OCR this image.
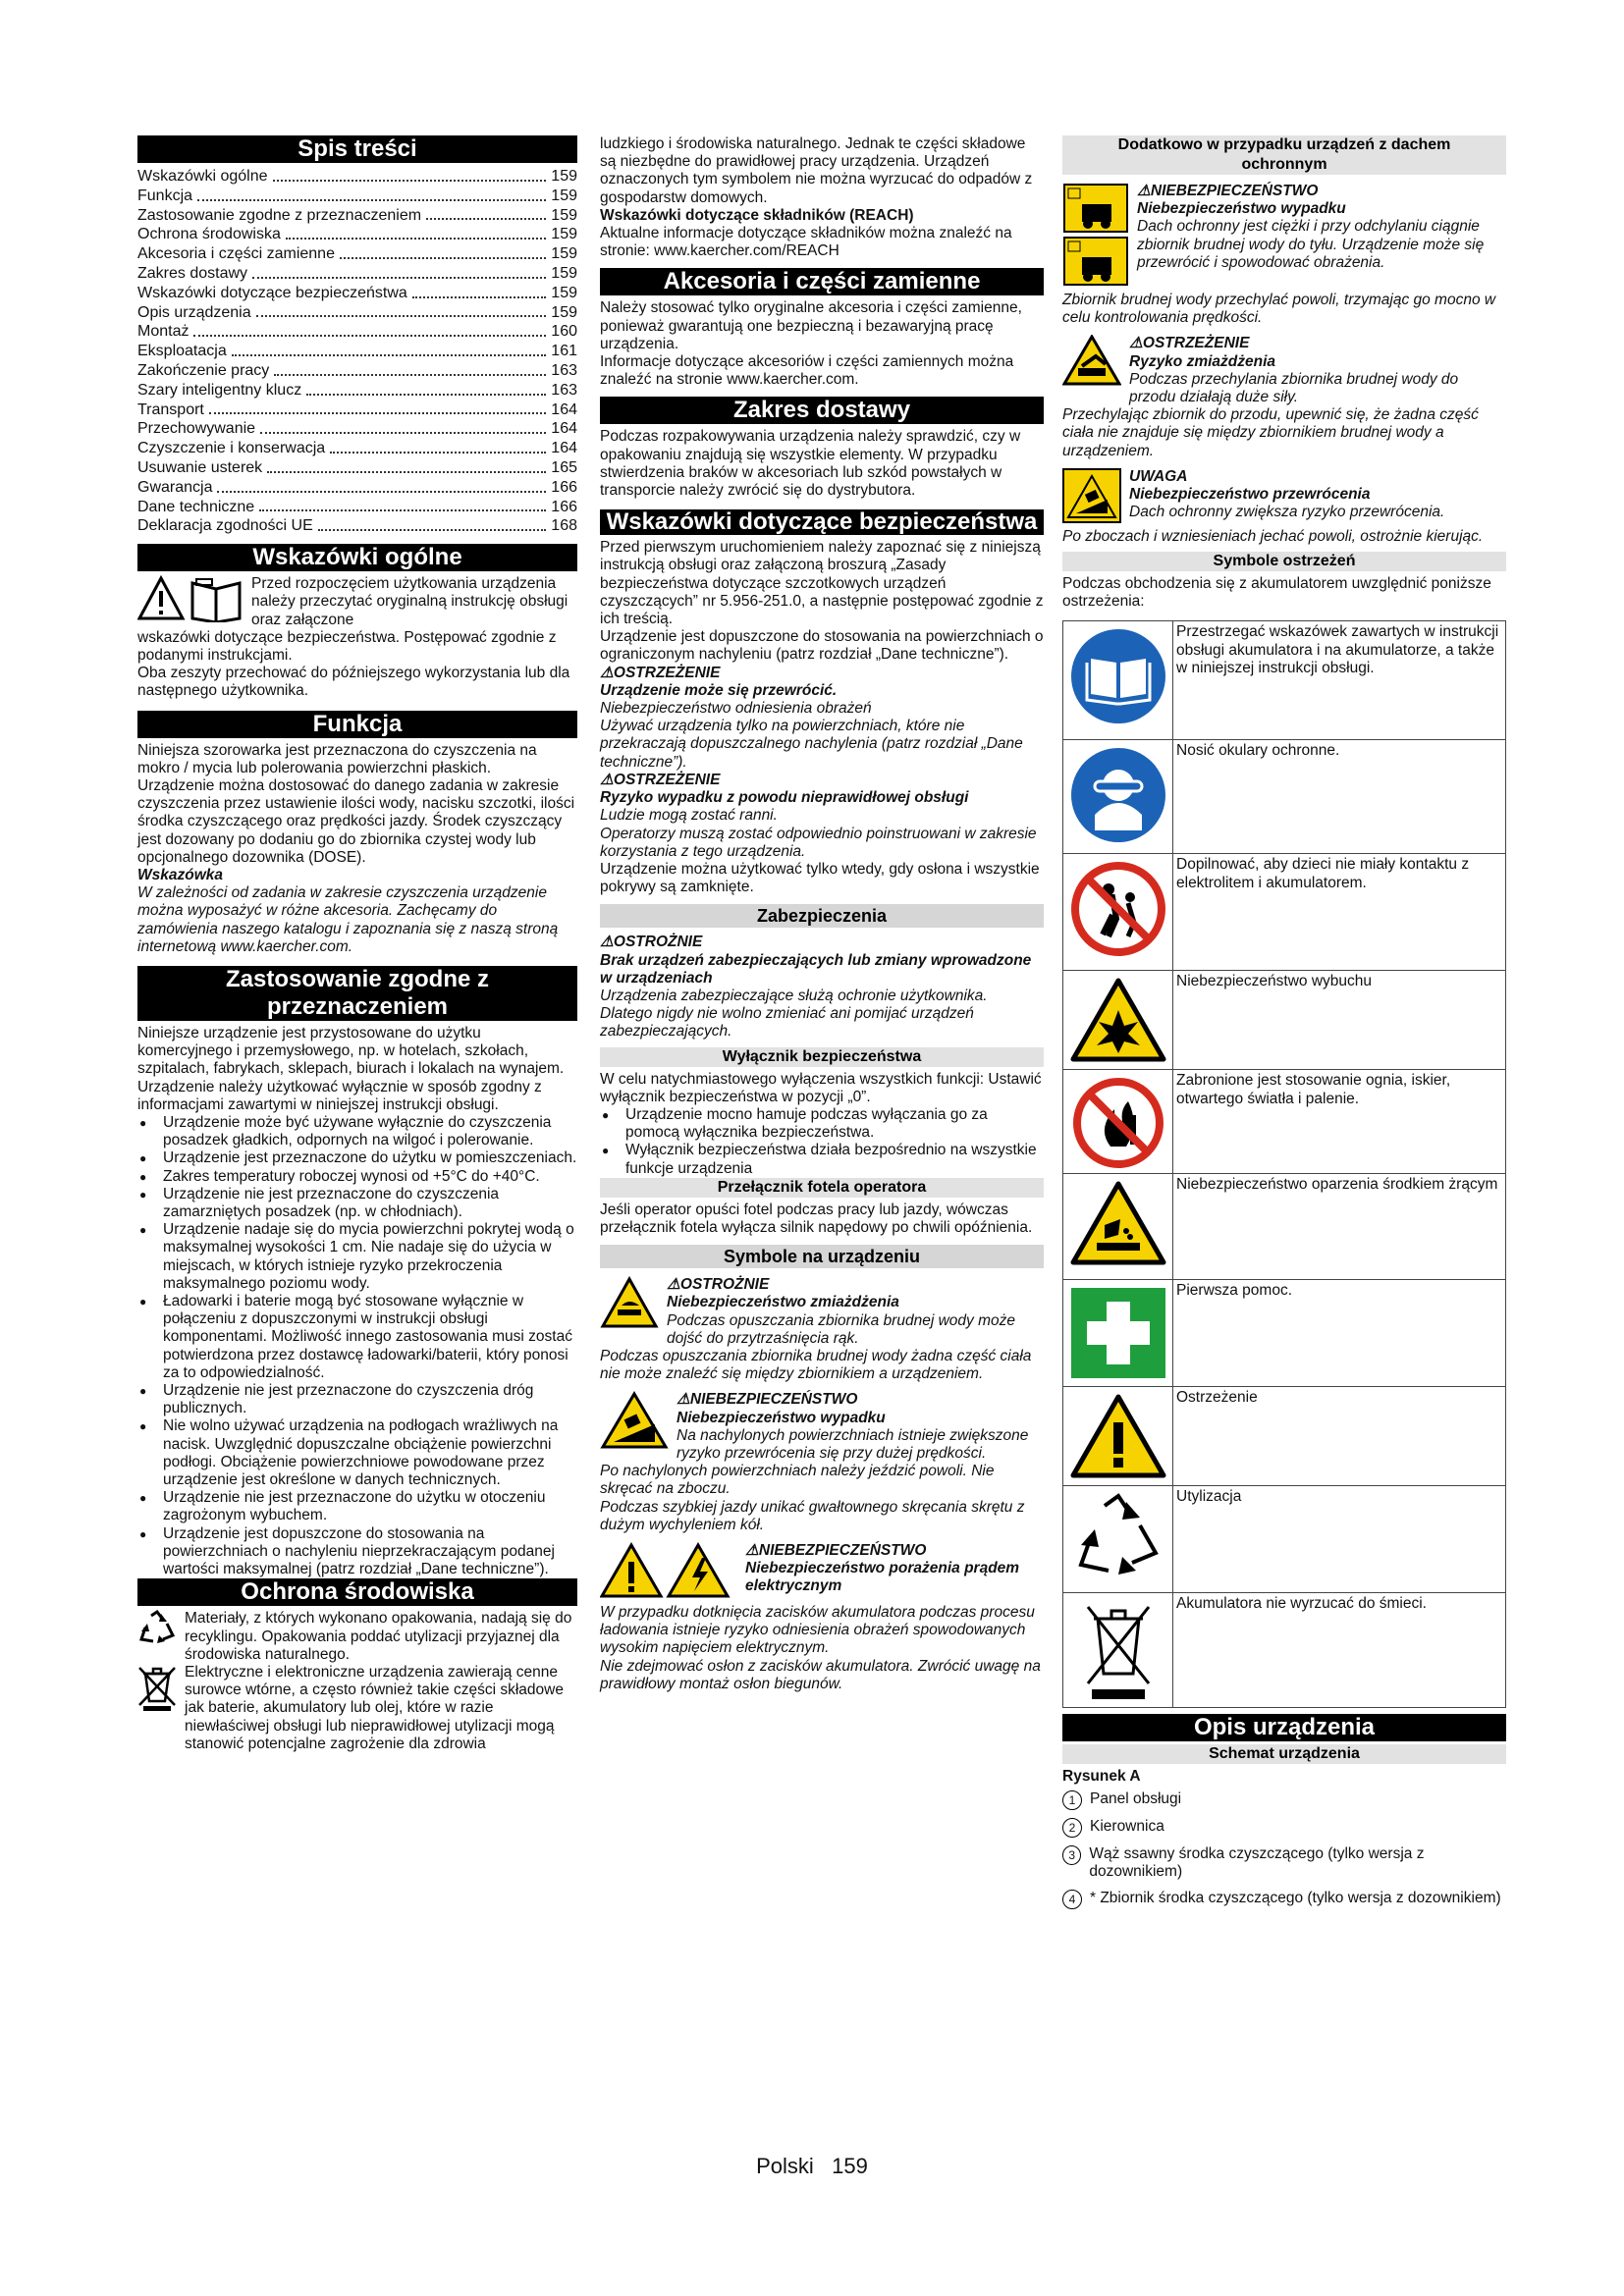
Spis treści
Wskazówki ogólne	159
Funkcja	159
Zastosowanie zgodne z przeznaczeniem	159
Ochrona środowiska	159
Akcesoria i części zamienne	159
Zakres dostawy	159
Wskazówki dotyczące bezpieczeństwa	159
Opis urządzenia	159
Montaż	160
Eksploatacja	161
Zakończenie pracy	163
Szary inteligentny klucz	163
Transport	164
Przechowywanie	164
Czyszczenie i konserwacja	164
Usuwanie usterek	165
Gwarancja	166
Dane techniczne	166
Deklaracja zgodności UE	168
Wskazówki ogólne

Przed rozpoczęciem użytkowania urządzenia należy przeczytać oryginalną instrukcję obsługi oraz załączone

wskazówki dotyczące bezpieczeństwa. Postępować zgodnie z podanymi instrukcjami.

Oba zeszyty przechować do późniejszego wykorzystania lub dla następnego użytkownika.

Funkcja

Niniejsza szorowarka jest przeznaczona do czyszczenia na mokro / mycia lub polerowania powierzchni płaskich.

Urządzenie można dostosować do danego zadania w zakresie czyszczenia przez ustawienie ilości wody, nacisku szczotki, ilości środka czyszczącego oraz prędkości jazdy. Środek czyszczący jest dozowany po dodaniu go do zbiornika czystej wody lub opcjonalnego dozownika (DOSE).

Wskazówka

W zależności od zadania w zakresie czyszczenia urządzenie można wyposażyć w różne akcesoria. Zachęcamy do zamówienia naszego katalogu i zapoznania się z naszą stroną internetową www.kaercher.com.

Zastosowanie zgodne z przeznaczeniem

Niniejsze urządzenie jest przystosowane do użytku komercyjnego i przemysłowego, np. w hotelach, szkołach, szpitalach, fabrykach, sklepach, biurach i lokalach na wynajem. Urządzenie należy użytkować wyłącznie w sposób zgodny z informacjami zawartymi w niniejszej instrukcji obsługi.

● Urządzenie może być używane wyłącznie do czyszczenia posadzek gładkich, odpornych na wilgoć i polerowanie.
● Urządzenie jest przeznaczone do użytku w pomieszczeniach.
● Zakres temperatury roboczej wynosi od +5°C do +40°C.
● Urządzenie nie jest przeznaczone do czyszczenia zamarzniętych posadzek (np. w chłodniach).
● Urządzenie nadaje się do mycia powierzchni pokrytej wodą o maksymalnej wysokości 1 cm. Nie nadaje się do użycia w miejscach, w których istnieje ryzyko przekroczenia maksymalnego poziomu wody.
● Ładowarki i baterie mogą być stosowane wyłącznie w połączeniu z dopuszczonymi w instrukcji obsługi komponentami. Możliwość innego zastosowania musi zostać potwierdzona przez dostawcę ładowarki/baterii, który ponosi za to odpowiedzialność.
● Urządzenie nie jest przeznaczone do czyszczenia dróg publicznych.
● Nie wolno używać urządzenia na podłogach wrażliwych na nacisk. Uwzględnić dopuszczalne obciążenie powierzchni podłogi. Obciążenie powierzchniowe powodowane przez urządzenie jest określone w danych technicznych.
● Urządzenie nie jest przeznaczone do użytku w otoczeniu zagrożonym wybuchem.
● Urządzenie jest dopuszczone do stosowania na powierzchniach o nachyleniu nieprzekraczającym podanej wartości maksymalnej (patrz rozdział „Dane techniczne”).
Ochrona środowiska

Materiały, z których wykonano opakowania, nadają się do recyklingu. Opakowania poddać utylizacji przyjaznej dla środowiska naturalnego.

Elektryczne i elektroniczne urządzenia zawierają cenne surowce wtórne, a często również takie części składowe jak baterie, akumulatory lub olej, które w razie niewłaściwej obsługi lub nieprawidłowej utylizacji mogą stanowić potencjalne zagrożenie dla zdrowia

ludzkiego i środowiska naturalnego. Jednak te części składowe są niezbędne do prawidłowej pracy urządzenia. Urządzeń oznaczonych tym symbolem nie można wyrzucać do odpadów z gospodarstw domowych.

Wskazówki dotyczące składników (REACH)

Aktualne informacje dotyczące składników można znaleźć na stronie: www.kaercher.com/REACH

Akcesoria i części zamienne

Należy stosować tylko oryginalne akcesoria i części zamienne, ponieważ gwarantują one bezpieczną i bezawaryjną pracę urządzenia.

Informacje dotyczące akcesoriów i części zamiennych można znaleźć na stronie www.kaercher.com.

Zakres dostawy

Podczas rozpakowywania urządzenia należy sprawdzić, czy w opakowaniu znajdują się wszystkie elementy. W przypadku stwierdzenia braków w akcesoriach lub szkód powstałych w transporcie należy zwrócić się do dystrybutora.

Wskazówki dotyczące bezpieczeństwa

Przed pierwszym uruchomieniem należy zapoznać się z niniejszą instrukcją obsługi oraz załączoną broszurą „Zasady bezpieczeństwa dotyczące szczotkowych urządzeń czyszczących” nr 5.956-251.0, a następnie postępować zgodnie z ich treścią.

Urządzenie jest dopuszczone do stosowania na powierzchniach o ograniczonym nachyleniu (patrz rozdział „Dane techniczne”).

⚠OSTRZEŻENIE

Urządzenie może się przewrócić.

Niebezpieczeństwo odniesienia obrażeń

Używać urządzenia tylko na powierzchniach, które nie przekraczają dopuszczalnego nachylenia (patrz rozdział „Dane techniczne”).

⚠OSTRZEŻENIE

Ryzyko wypadku z powodu nieprawidłowej obsługi

Ludzie mogą zostać ranni.

Operatorzy muszą zostać odpowiednio poinstruowani w zakresie korzystania z tego urządzenia.

Urządzenie można użytkować tylko wtedy, gdy osłona i wszystkie pokrywy są zamknięte.

Zabezpieczenia

⚠OSTROŻNIE

Brak urządzeń zabezpieczających lub zmiany wprowadzone w urządzeniach

Urządzenia zabezpieczające służą ochronie użytkownika.

Dlatego nigdy nie wolno zmieniać ani pomijać urządzeń zabezpieczających.

Wyłącznik bezpieczeństwa

W celu natychmiastowego wyłączenia wszystkich funkcji: Ustawić wyłącznik bezpieczeństwa w pozycji „0”.

● Urządzenie mocno hamuje podczas wyłączania go za pomocą wyłącznika bezpieczeństwa.
● Wyłącznik bezpieczeństwa działa bezpośrednio na wszystkie funkcje urządzenia
Przełącznik fotela operatora

Jeśli operator opuści fotel podczas pracy lub jazdy, wówczas przełącznik fotela wyłącza silnik napędowy po chwili opóźnienia.

Symbole na urządzeniu

⚠OSTROŻNIE

Niebezpieczeństwo zmiażdżenia

Podczas opuszczania zbiornika brudnej wody może dojść do przytrzaśnięcia rąk.

Podczas opuszczania zbiornika brudnej wody żadna część ciała nie może znaleźć się między zbiornikiem a urządzeniem.

⚠NIEBEZPIECZEŃSTWO

Niebezpieczeństwo wypadku

Na nachylonych powierzchniach istnieje zwiększone ryzyko przewrócenia się przy dużej prędkości.

Po nachylonych powierzchniach należy jeździć powoli. Nie skręcać na zboczu.

Podczas szybkiej jazdy unikać gwałtownego skręcania skrętu z dużym wychyleniem kół.

⚠NIEBEZPIECZEŃSTWO

Niebezpieczeństwo porażenia prądem elektrycznym

W przypadku dotknięcia zacisków akumulatora podczas procesu ładowania istnieje ryzyko odniesienia obrażeń spowodowanych wysokim napięciem elektrycznym.

Nie zdejmować osłon z zacisków akumulatora. Zwrócić uwagę na prawidłowy montaż osłon biegunów.

Dodatkowo w przypadku urządzeń z dachem ochronnym

⚠NIEBEZPIECZEŃSTWO

Niebezpieczeństwo wypadku

Dach ochronny jest ciężki i przy odchylaniu ciągnie zbiornik brudnej wody do tyłu. Urządzenie może się przewrócić i spowodować obrażenia.

Zbiornik brudnej wody przechylać powoli, trzymając go mocno w celu kontrolowania prędkości.

⚠OSTRZEŻENIE

Ryzyko zmiażdżenia

Podczas przechylania zbiornika brudnej wody do przodu działają duże siły.

Przechylając zbiornik do przodu, upewnić się, że żadna część ciała nie znajduje się między zbiornikiem brudnej wody a urządzeniem.

UWAGA

Niebezpieczeństwo przewrócenia

Dach ochronny zwiększa ryzyko przewrócenia.

Po zboczach i wzniesieniach jechać powoli, ostrożnie kierując.

Symbole ostrzeżeń

Podczas obchodzenia się z akumulatorem uwzględnić poniższe ostrzeżenia:

Przestrzegać wskazówek zawartych w instrukcji obsługi akumulatora i na akumulatorze, a także w niniejszej instrukcji obsługi.
Nosić okulary ochronne.
Dopilnować, aby dzieci nie miały kontaktu z elektrolitem i akumulatorem.
Niebezpieczeństwo wybuchu
Zabronione jest stosowanie ognia, iskier, otwartego światła i palenie.
Niebezpieczeństwo oparzenia środkiem żrącym
Pierwsza pomoc.
Ostrzeżenie
Utylizacja
Akumulatora nie wyrzucać do śmieci.
Opis urządzenia
Schemat urządzenia

Rysunek A

1 Panel obsługi
2 Kierownica
3 Wąż ssawny środka czyszczącego (tylko wersja z dozownikiem)
4 * Zbiornik środka czyszczącego (tylko wersja z dozownikiem)
Polski 159
